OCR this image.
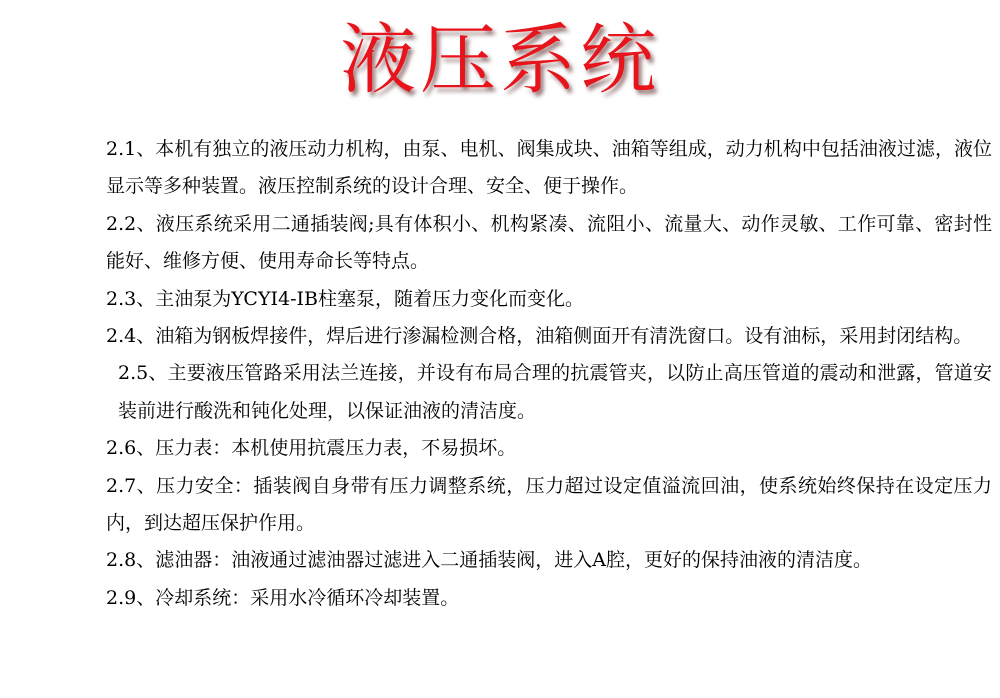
液压系统

2.1、本机有独立的液压动力机构，由泵、电机、阀集成块、油箱等组成，动力机构中包括油液过滤，液位显示等多种装置。液压控制系统的设计合理、安全、便于操作。

2.2、液压系统采用二通插装阀;具有体积小、机构紧凑、流阻小、流量大、动作灵敏、工作可靠、密封性能好、维修方便、使用寿命长等特点。

2.3、主油泵为YCYI4-IB柱塞泵，随着压力变化而变化。

2.4、油箱为钢板焊接件，焊后进行渗漏检测合格，油箱侧面开有清洗窗口。设有油标，采用封闭结构。

2.5、主要液压管路采用法兰连接，并设有布局合理的抗震管夹，以防止高压管道的震动和泄露，管道安装前进行酸洗和钝化处理，以保证油液的清洁度。

2.6、压力表：本机使用抗震压力表，不易损坏。

2.7、压力安全：插装阀自身带有压力调整系统，压力超过设定值溢流回油，使系统始终保持在设定压力内，到达超压保护作用。

2.8、滤油器：油液通过滤油器过滤进入二通插装阀，进入A腔，更好的保持油液的清洁度。

2.9、冷却系统：采用水冷循环冷却装置。
